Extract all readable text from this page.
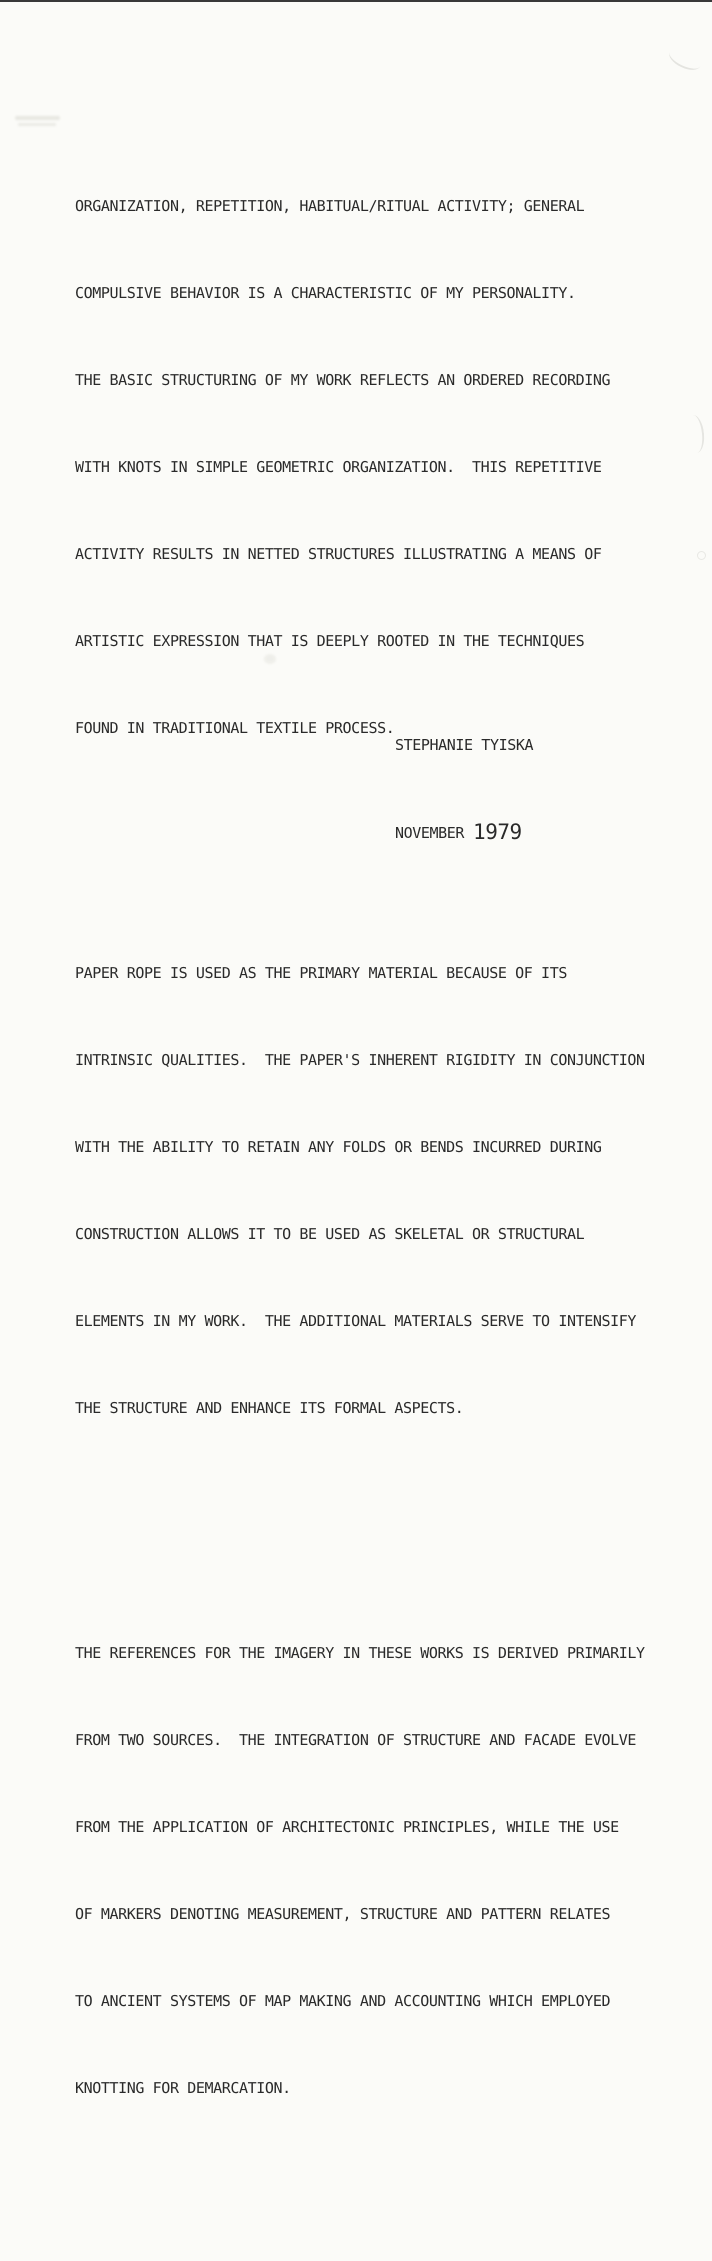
ORGANIZATION, REPETITION, HABITUAL/RITUAL ACTIVITY; GENERAL

COMPULSIVE BEHAVIOR IS A CHARACTERISTIC OF MY PERSONALITY.

THE BASIC STRUCTURING OF MY WORK REFLECTS AN ORDERED RECORDING

WITH KNOTS IN SIMPLE GEOMETRIC ORGANIZATION.  THIS REPETITIVE

ACTIVITY RESULTS IN NETTED STRUCTURES ILLUSTRATING A MEANS OF

ARTISTIC EXPRESSION THAT IS DEEPLY ROOTED IN THE TECHNIQUES

FOUND IN TRADITIONAL TEXTILE PROCESS.

PAPER ROPE IS USED AS THE PRIMARY MATERIAL BECAUSE OF ITS

INTRINSIC QUALITIES.  THE PAPER'S INHERENT RIGIDITY IN CONJUNCTION

WITH THE ABILITY TO RETAIN ANY FOLDS OR BENDS INCURRED DURING

CONSTRUCTION ALLOWS IT TO BE USED AS SKELETAL OR STRUCTURAL

ELEMENTS IN MY WORK.  THE ADDITIONAL MATERIALS SERVE TO INTENSIFY

THE STRUCTURE AND ENHANCE ITS FORMAL ASPECTS.

THE REFERENCES FOR THE IMAGERY IN THESE WORKS IS DERIVED PRIMARILY

FROM TWO SOURCES.  THE INTEGRATION OF STRUCTURE AND FACADE EVOLVE

FROM THE APPLICATION OF ARCHITECTONIC PRINCIPLES, WHILE THE USE

OF MARKERS DENOTING MEASUREMENT, STRUCTURE AND PATTERN RELATES

TO ANCIENT SYSTEMS OF MAP MAKING AND ACCOUNTING WHICH EMPLOYED

KNOTTING FOR DEMARCATION.

STEPHANIE TYISKA

NOVEMBER 1979
